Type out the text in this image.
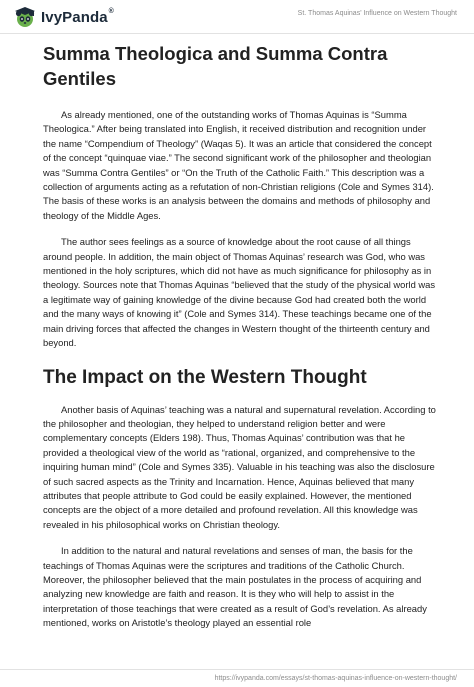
IvyPanda®	St. Thomas Aquinas' Influence on Western Thought
Summa Theologica and Summa Contra Gentiles

As already mentioned, one of the outstanding works of Thomas Aquinas is “Summa Theologica.” After being translated into English, it received distribution and recognition under the name “Compendium of Theology” (Waqas 5). It was an article that considered the concept of the concept “quinquae viae.” The second significant work of the philosopher and theologian was “Summa Contra Gentiles” or “On the Truth of the Catholic Faith.” This description was a collection of arguments acting as a refutation of non-Christian religions (Cole and Symes 314). The basis of these works is an analysis between the domains and methods of philosophy and theology of the Middle Ages.

The author sees feelings as a source of knowledge about the root cause of all things around people. In addition, the main object of Thomas Aquinas’ research was God, who was mentioned in the holy scriptures, which did not have as much significance for philosophy as in theology. Sources note that Thomas Aquinas “believed that the study of the physical world was a legitimate way of gaining knowledge of the divine because God had created both the world and the many ways of knowing it” (Cole and Symes 314). These teachings became one of the main driving forces that affected the changes in Western thought of the thirteenth century and beyond.

The Impact on the Western Thought

Another basis of Aquinas’ teaching was a natural and supernatural revelation. According to the philosopher and theologian, they helped to understand religion better and were complementary concepts (Elders 198). Thus, Thomas Aquinas’ contribution was that he provided a theological view of the world as “rational, organized, and comprehensive to the inquiring human mind” (Cole and Symes 335). Valuable in his teaching was also the disclosure of such sacred aspects as the Trinity and Incarnation. Hence, Aquinas believed that many attributes that people attribute to God could be easily explained. However, the mentioned concepts are the object of a more detailed and profound revelation. All this knowledge was revealed in his philosophical works on Christian theology.

In addition to the natural and natural revelations and senses of man, the basis for the teachings of Thomas Aquinas were the scriptures and traditions of the Catholic Church. Moreover, the philosopher believed that the main postulates in the process of acquiring and analyzing new knowledge are faith and reason. It is they who will help to assist in the interpretation of those teachings that were created as a result of God’s revelation. As already mentioned, works on Aristotle’s theology played an essential role

https://ivypanda.com/essays/st-thomas-aquinas-influence-on-western-thought/
